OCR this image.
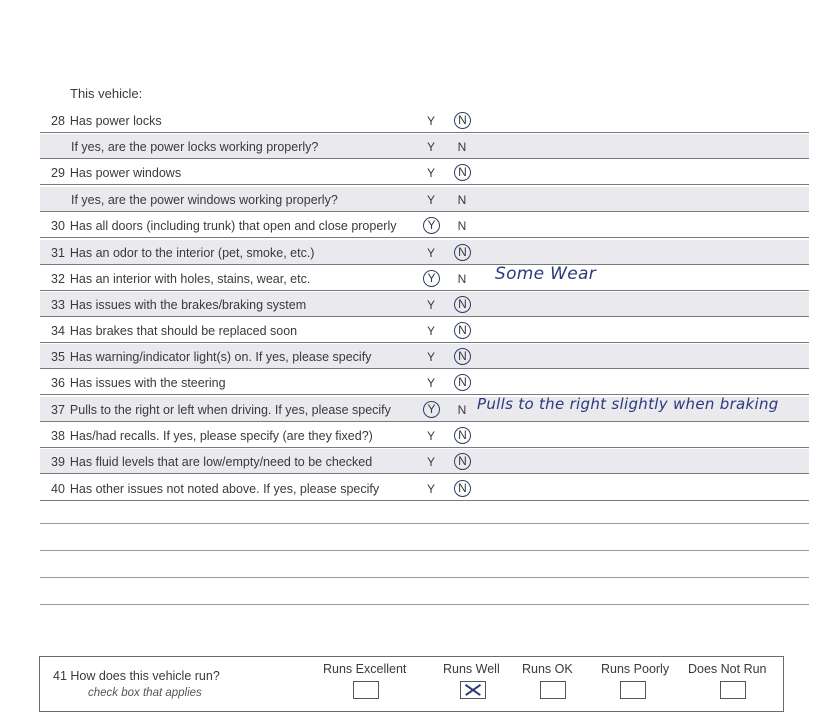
This vehicle:
28 Has power locks	Y	N
If yes, are the power locks working properly?	Y	N
29 Has power windows	Y	N
If yes, are the power windows working properly?	Y	N
30 Has all doors (including trunk) that open and close properly	Y	N
31 Has an odor to the interior (pet, smoke, etc.)	Y	N
32 Has an interior with holes, stains, wear, etc.	Y	N Some Wear
33 Has issues with the brakes/braking system	Y	N
34 Has brakes that should be replaced soon	Y	N
35 Has warning/indicator light(s) on. If yes, please specify	Y	N
36 Has issues with the steering	Y	N
37 Pulls to the right or left when driving. If yes, please specify	Y	N Pulls to the right slightly when braking
38 Has/had recalls. If yes, please specify (are they fixed?)	Y	N
39 Has fluid levels that are low/empty/need to be checked	Y	N
40 Has other issues not noted above. If yes, please specify	Y	N
41 How does this vehicle run?
check box that applies
Runs Excellent	Runs Well Runs OK Runs Poorly Does Not Run
